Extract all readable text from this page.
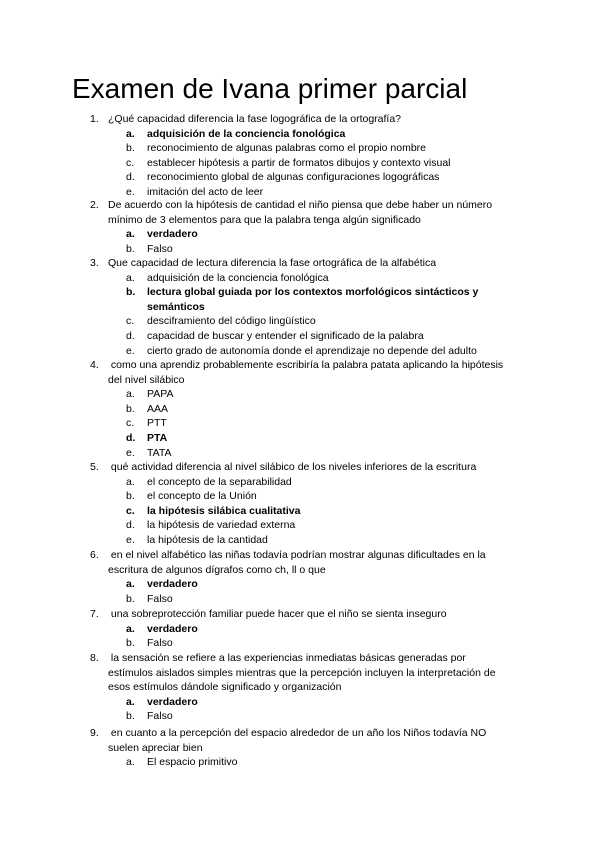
Examen de Ivana primer parcial
1. ¿Qué capacidad diferencia la fase logográfica de la ortografía?
a. adquisición de la conciencia fonológica
b. reconocimiento de algunas palabras como el propio nombre
c. establecer hipótesis a partir de formatos dibujos y contexto visual
d. reconocimiento global de algunas configuraciones logográficas
e. imitación del acto de leer
2. De acuerdo con la hipótesis de cantidad el niño piensa que debe haber un número
mínimo de 3 elementos para que la palabra tenga algún significado
a. verdadero
b. Falso
3. Que capacidad de lectura diferencia la fase ortográfica de la alfabética
a. adquisición de la conciencia fonológica
b. lectura global guiada por los contextos morfológicos sintácticos y semánticos
c. desciframiento del código lingüístico
d. capacidad de buscar y entender el significado de la palabra
e. cierto grado de autonomía donde el aprendizaje no depende del adulto
4. como una aprendiz probablemente escribiría la palabra patata aplicando la hipótesis
del nivel silábico
a. PAPA
b. AAA
c. PTT
d. PTA
e. TATA
5. qué actividad diferencia al nivel silábico de los niveles inferiores de la escritura
a. el concepto de la separabilidad
b. el concepto de la Unión
c. la hipótesis silábica cualitativa
d. la hipótesis de variedad externa
e. la hipótesis de la cantidad
6. en el nivel alfabético las niñas todavía podrían mostrar algunas dificultades en la
escritura de algunos dígrafos como ch, ll o que
a. verdadero
b. Falso
7. una sobreprotección familiar puede hacer que el niño se sienta inseguro
a. verdadero
b. Falso
8. la sensación se refiere a las experiencias inmediatas básicas generadas por
estímulos aislados simples mientras que la percepción incluyen la interpretación de
esos estímulos dándole significado y organización
a. verdadero
b. Falso
9. en cuanto a la percepción del espacio alrededor de un año los Niños todavía NO
suelen apreciar bien
a. El espacio primitivo
